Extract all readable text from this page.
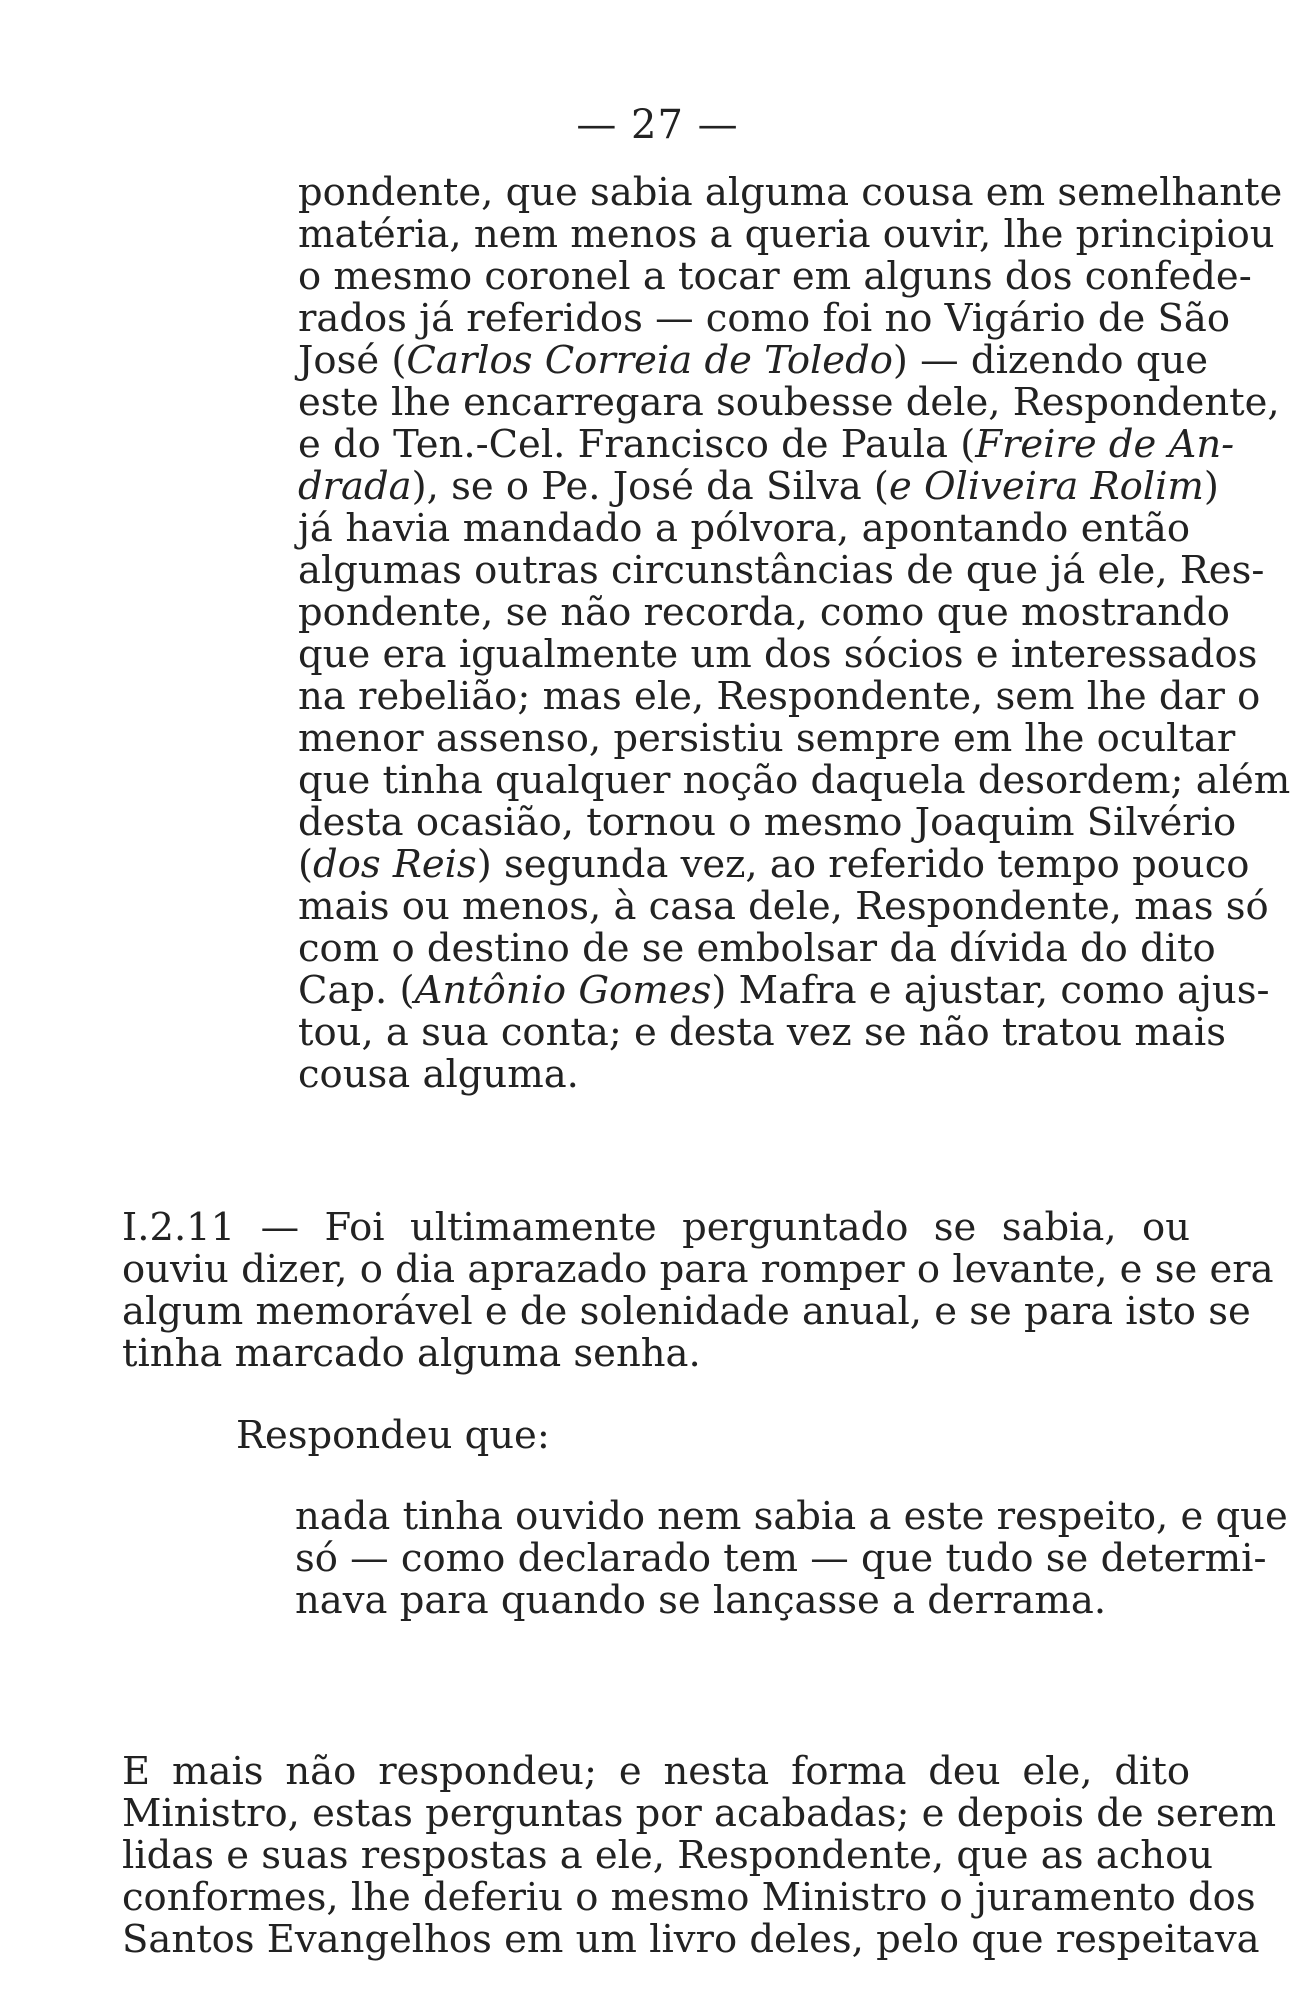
— 27 —
pondente, que sabia alguma cousa em semelhante
matéria, nem menos a queria ouvir, lhe principiou
o mesmo coronel a tocar em alguns dos confede-
rados já referidos — como foi no Vigário de São
José (Carlos Correia de Toledo) — dizendo que
este lhe encarregara soubesse dele, Respondente,
e do Ten.-Cel. Francisco de Paula (Freire de An-
drada), se o Pe. José da Silva (e Oliveira Rolim)
já havia mandado a pólvora, apontando então
algumas outras circunstâncias de que já ele, Res-
pondente, se não recorda, como que mostrando
que era igualmente um dos sócios e interessados
na rebelião; mas ele, Respondente, sem lhe dar o
menor assenso, persistiu sempre em lhe ocultar
que tinha qualquer noção daquela desordem; além
desta ocasião, tornou o mesmo Joaquim Silvério
(dos Reis) segunda vez, ao referido tempo pouco
mais ou menos, à casa dele, Respondente, mas só
com o destino de se embolsar da dívida do dito
Cap. (Antônio Gomes) Mafra e ajustar, como ajus-
tou, a sua conta; e desta vez se não tratou mais
cousa alguma.
I.2.11 — Foi ultimamente perguntado se sabia, ou
ouviu dizer, o dia aprazado para romper o levante, e se era
algum memorável e de solenidade anual, e se para isto se
tinha marcado alguma senha.
Respondeu que:
nada tinha ouvido nem sabia a este respeito, e que
só — como declarado tem — que tudo se determi-
nava para quando se lançasse a derrama.
E mais não respondeu; e nesta forma deu ele, dito
Ministro, estas perguntas por acabadas; e depois de serem
lidas e suas respostas a ele, Respondente, que as achou
conformes, lhe deferiu o mesmo Ministro o juramento dos
Santos Evangelhos em um livro deles, pelo que respeitava
